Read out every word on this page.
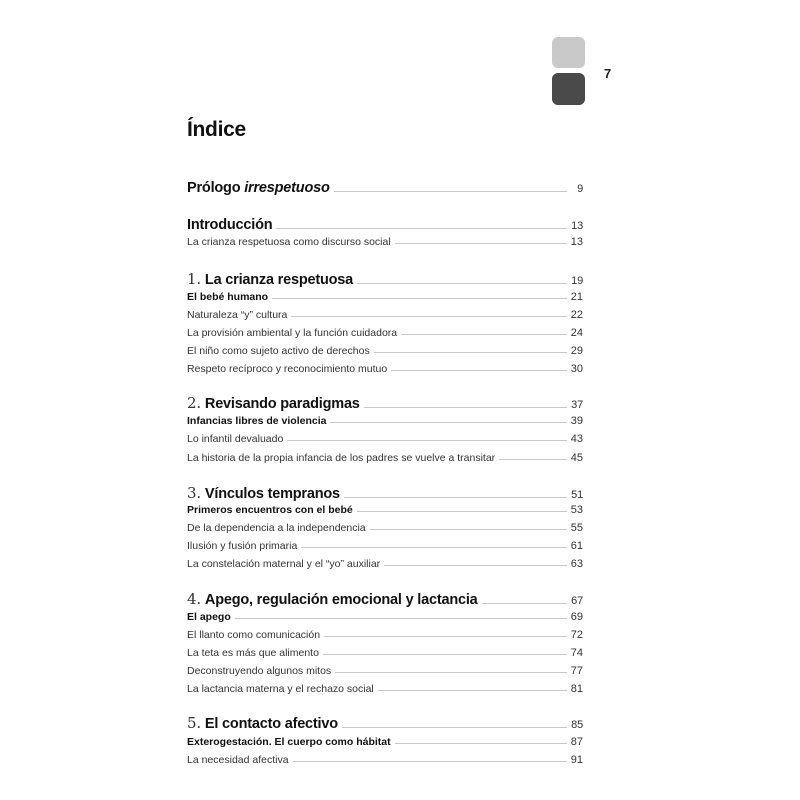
7
Índice
Prólogo irrespetuoso	9
Introducción	13
La crianza respetuosa como discurso social	13
1. La crianza respetuosa	19
El bebé humano	21
Naturaleza “y” cultura	22
La provisión ambiental y la función cuidadora	24
El niño como sujeto activo de derechos	29
Respeto recíproco y reconocimiento mutuo	30
2. Revisando paradigmas	37
Infancias libres de violencia	39
Lo infantil devaluado	43
La historia de la propia infancia de los padres se vuelve a transitar	45
3. Vínculos tempranos	51
Primeros encuentros con el bebé	53
De la dependencia a la independencia	55
Ilusión y fusión primaria	61
La constelación maternal y el “yo” auxiliar	63
4. Apego, regulación emocional y lactancia	67
El apego	69
El llanto como comunicación	72
La teta es más que alimento	74
Deconstruyendo algunos mitos	77
La lactancia materna y el rechazo social	81
5. El contacto afectivo	85
Exterogestación. El cuerpo como hábitat	87
La necesidad afectiva	91
